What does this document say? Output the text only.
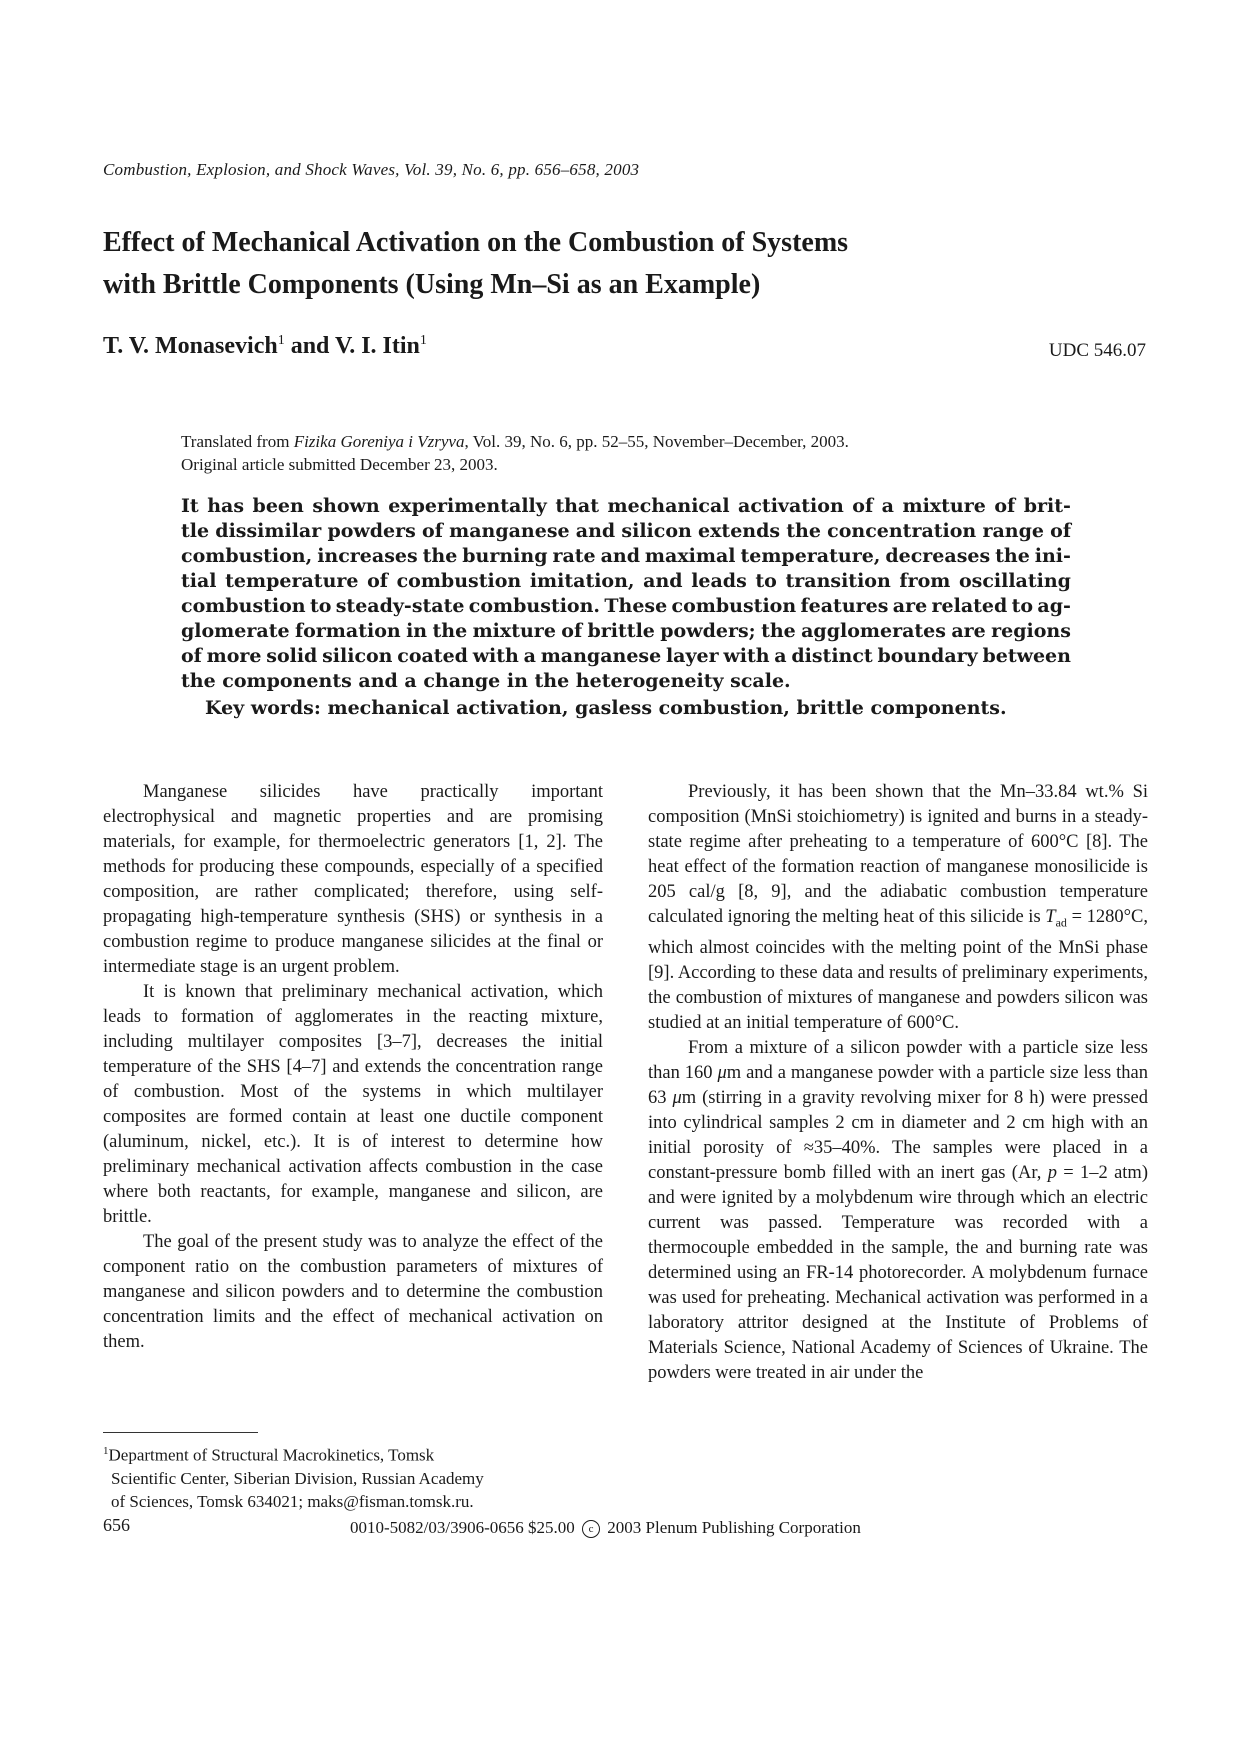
Combustion, Explosion, and Shock Waves, Vol. 39, No. 6, pp. 656–658, 2003
Effect of Mechanical Activation on the Combustion of Systems
with Brittle Components (Using Mn–Si as an Example)
T. V. Monasevich$^1$ and V. I. Itin$^1$	UDC 546.07
Translated from Fizika Goreniya i Vzryva, Vol. 39, No. 6, pp. 52–55, November–December, 2003.
Original article submitted December 23, 2003.
It has been shown experimentally that mechanical activation of a mixture of brit-
tle dissimilar powders of manganese and silicon extends the concentration range of
combustion, increases the burning rate and maximal temperature, decreases the ini-
tial temperature of combustion imitation, and leads to transition from oscillating
combustion to steady-state combustion. These combustion features are related to ag-
glomerate formation in the mixture of brittle powders; the agglomerates are regions
of more solid silicon coated with a manganese layer with a distinct boundary between
the components and a change in the heterogeneity scale.
Key words: mechanical activation, gasless combustion, brittle components.

Manganese silicides have practically important electrophysical and magnetic properties and are promising materials, for example, for thermoelectric generators [1, 2]. The methods for producing these compounds, especially of a specified composition, are rather complicated; therefore, using self-propagating high-temperature synthesis (SHS) or synthesis in a combustion regime to produce manganese silicides at the final or intermediate stage is an urgent problem.

It is known that preliminary mechanical activation, which leads to formation of agglomerates in the reacting mixture, including multilayer composites [3–7], decreases the initial temperature of the SHS [4–7] and extends the concentration range of combustion. Most of the systems in which multilayer composites are formed contain at least one ductile component (aluminum, nickel, etc.). It is of interest to determine how preliminary mechanical activation affects combustion in the case where both reactants, for example, manganese and silicon, are brittle.

The goal of the present study was to analyze the effect of the component ratio on the combustion parameters of mixtures of manganese and silicon powders and to determine the combustion concentration limits and the effect of mechanical activation on them.

Previously, it has been shown that the Mn–33.84 wt.% Si composition (MnSi stoichiometry) is ignited and burns in a steady-state regime after preheating to a temperature of 600°C [8]. The heat effect of the formation reaction of manganese monosilicide is 205 cal/g [8, 9], and the adiabatic combustion temperature calculated ignoring the melting heat of this silicide is $T_{ad} = 1280^\circ C$, which almost coincides with the melting point of the MnSi phase [9]. According to these data and results of preliminary experiments, the combustion of mixtures of manganese and powders silicon was studied at an initial temperature of 600°C.

From a mixture of a silicon powder with a particle size less than 160 μm and a manganese powder with a particle size less than 63 μm (stirring in a gravity revolving mixer for 8 h) were pressed into cylindrical samples 2 cm in diameter and 2 cm high with an initial porosity of ≈35–40%. The samples were placed in a constant-pressure bomb filled with an inert gas (Ar, p = 1–2 atm) and were ignited by a molybdenum wire through which an electric current was passed. Temperature was recorded with a thermocouple embedded in the sample, the and burning rate was determined using an FR-14 photorecorder. A molybdenum furnace was used for preheating. Mechanical activation was performed in a laboratory attritor designed at the Institute of Problems of Materials Science, National Academy of Sciences of Ukraine. The powders were treated in air under the

$^1$Department of Structural Macrokinetics, Tomsk
Scientific Center, Siberian Division, Russian Academy
of Sciences, Tomsk 634021; maks@fisman.tomsk.ru.
656	0010-5082/03/3906-0656 $25.00 c 2003 Plenum Publishing Corporation
